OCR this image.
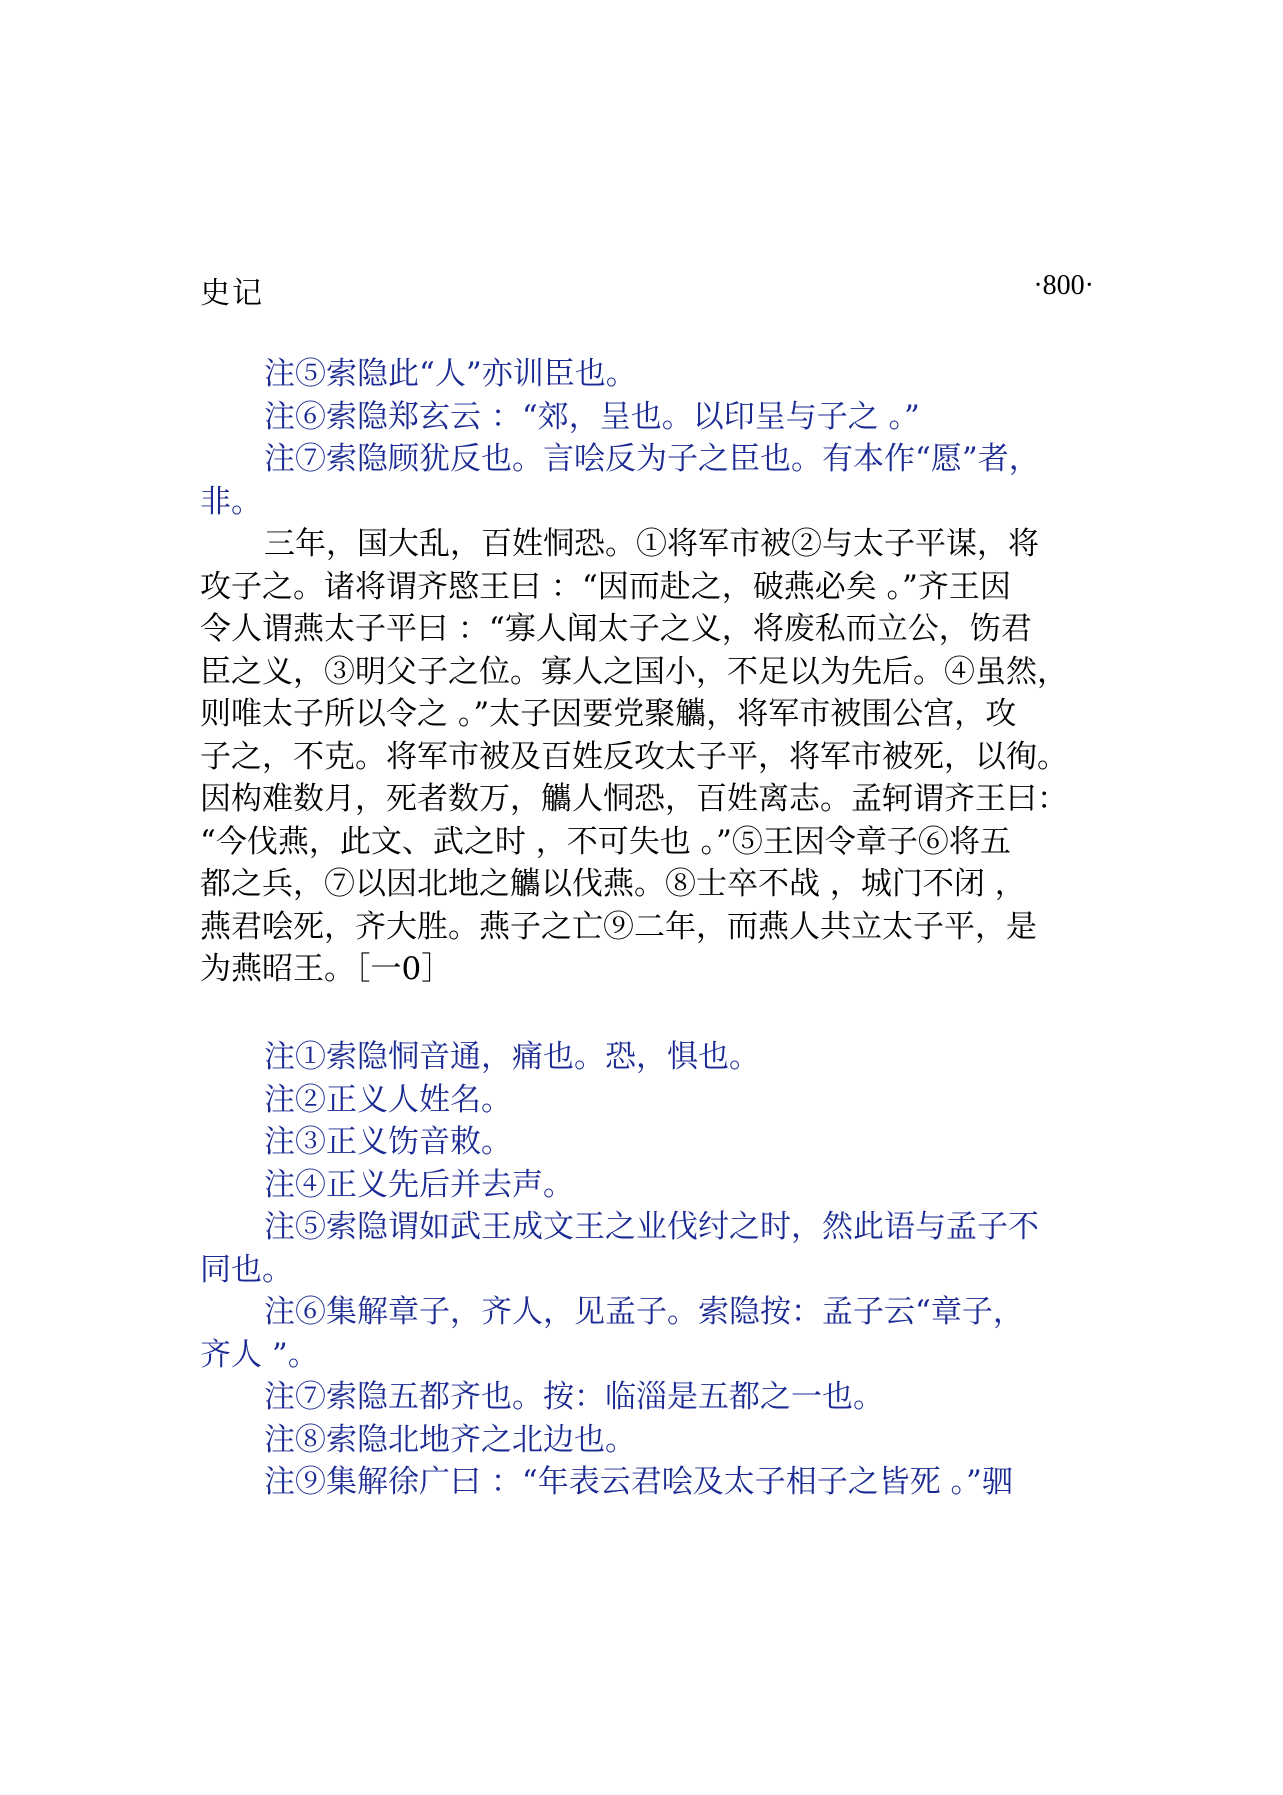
史记	·800·
注⑤索隐此“人”亦训臣也。
注⑥索隐郑玄云 ：“郊，呈也。以印呈与子之 。”
注⑦索隐顾犹反也。言哙反为子之臣也。有本作“愿”者，
非。
三年，国大乱，百姓恫恐。①将军市被②与太子平谋，将
攻子之。诸将谓齐愍王曰 ：“因而赴之，破燕必矣 。”齐王因
令人谓燕太子平曰 ：“寡人闻太子之义，将废私而立公，饬君
臣之义，③明父子之位。寡人之国小，不足以为先后。④虽然，
则唯太子所以令之 。”太子因要党聚觿，将军市被围公宫，攻
子之，不克。将军市被及百姓反攻太子平，将军市被死，以徇。
因构难数月，死者数万，觿人恫恐，百姓离志。孟轲谓齐王曰：
“今伐燕，此文、武之时 ，不可失也 。”⑤王因令章子⑥将五
都之兵，⑦以因北地之觿以伐燕。⑧士卒不战 ，城门不闭 ，
燕君哙死，齐大胜。燕子之亡⑨二年，而燕人共立太子平，是
为燕昭王。［一0］
注①索隐恫音通，痛也。恐，惧也。
注②正义人姓名。
注③正义饬音敕。
注④正义先后并去声。
注⑤索隐谓如武王成文王之业伐纣之时，然此语与孟子不
同也。
注⑥集解章子，齐人，见孟子。索隐按：孟子云“章子，
齐人 ”。
注⑦索隐五都齐也。按：临淄是五都之一也。
注⑧索隐北地齐之北边也。
注⑨集解徐广曰 ：“年表云君哙及太子相子之皆死 。”驷
